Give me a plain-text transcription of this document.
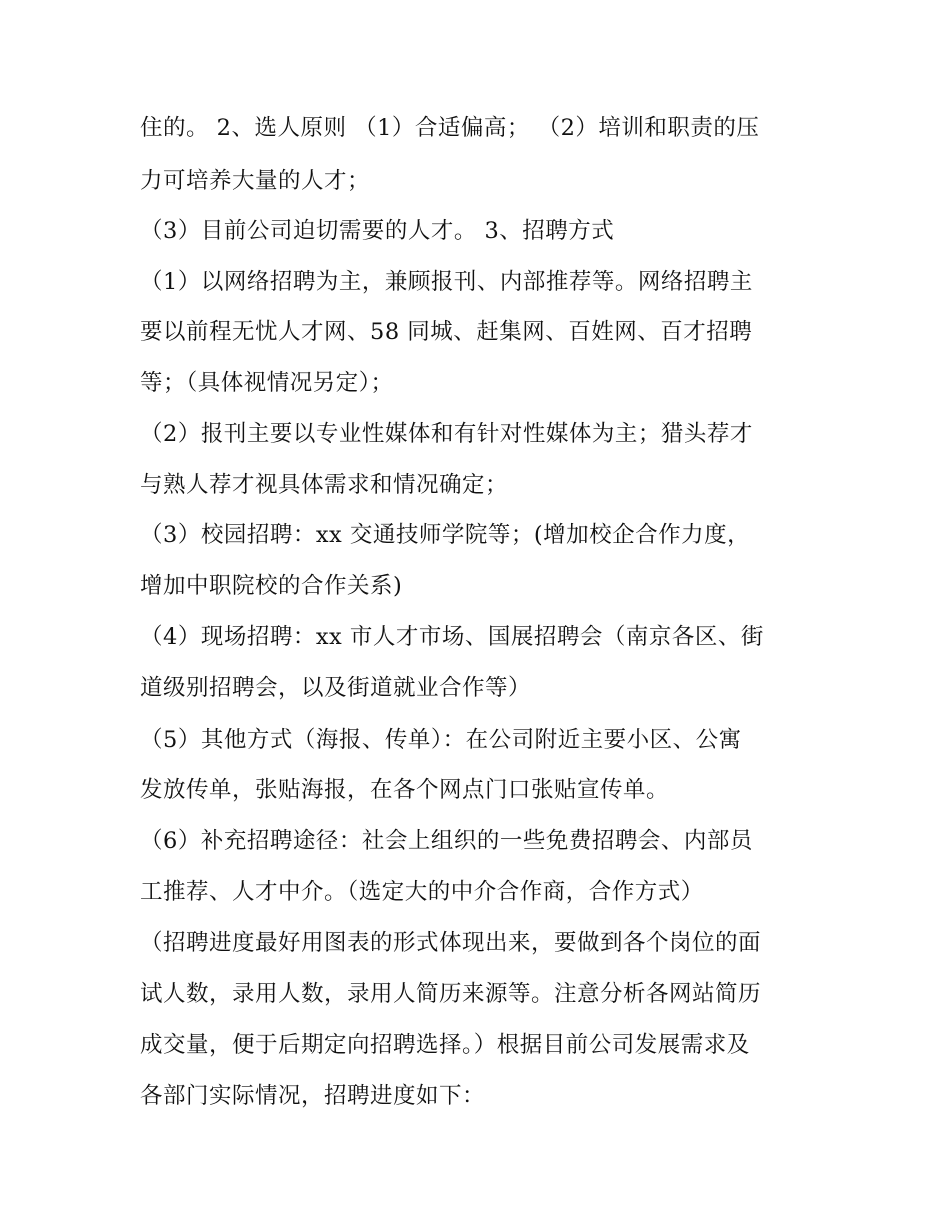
住的。 2、选人原则 （1）合适偏高； （2）培训和职责的压
力可培养大量的人才；
（3）目前公司迫切需要的人才。 3、招聘方式
（1）以网络招聘为主，兼顾报刊、内部推荐等。网络招聘主
要以前程无忧人才网、58 同城、赶集网、百姓网、百才招聘
等；（具体视情况另定）；
（2）报刊主要以专业性媒体和有针对性媒体为主；猎头荐才
与熟人荐才视具体需求和情况确定；
（3）校园招聘：xx 交通技师学院等；(增加校企合作力度，
增加中职院校的合作关系)
（4）现场招聘：xx 市人才市场、国展招聘会（南京各区、街
道级别招聘会，以及街道就业合作等）
（5）其他方式（海报、传单）：在公司附近主要小区、公寓
发放传单，张贴海报，在各个网点门口张贴宣传单。
（6）补充招聘途径：社会上组织的一些免费招聘会、内部员
工推荐、人才中介。（选定大的中介合作商，合作方式）
（招聘进度最好用图表的形式体现出来，要做到各个岗位的面
试人数，录用人数，录用人简历来源等。注意分析各网站简历
成交量，便于后期定向招聘选择。）根据目前公司发展需求及
各部门实际情况，招聘进度如下：
